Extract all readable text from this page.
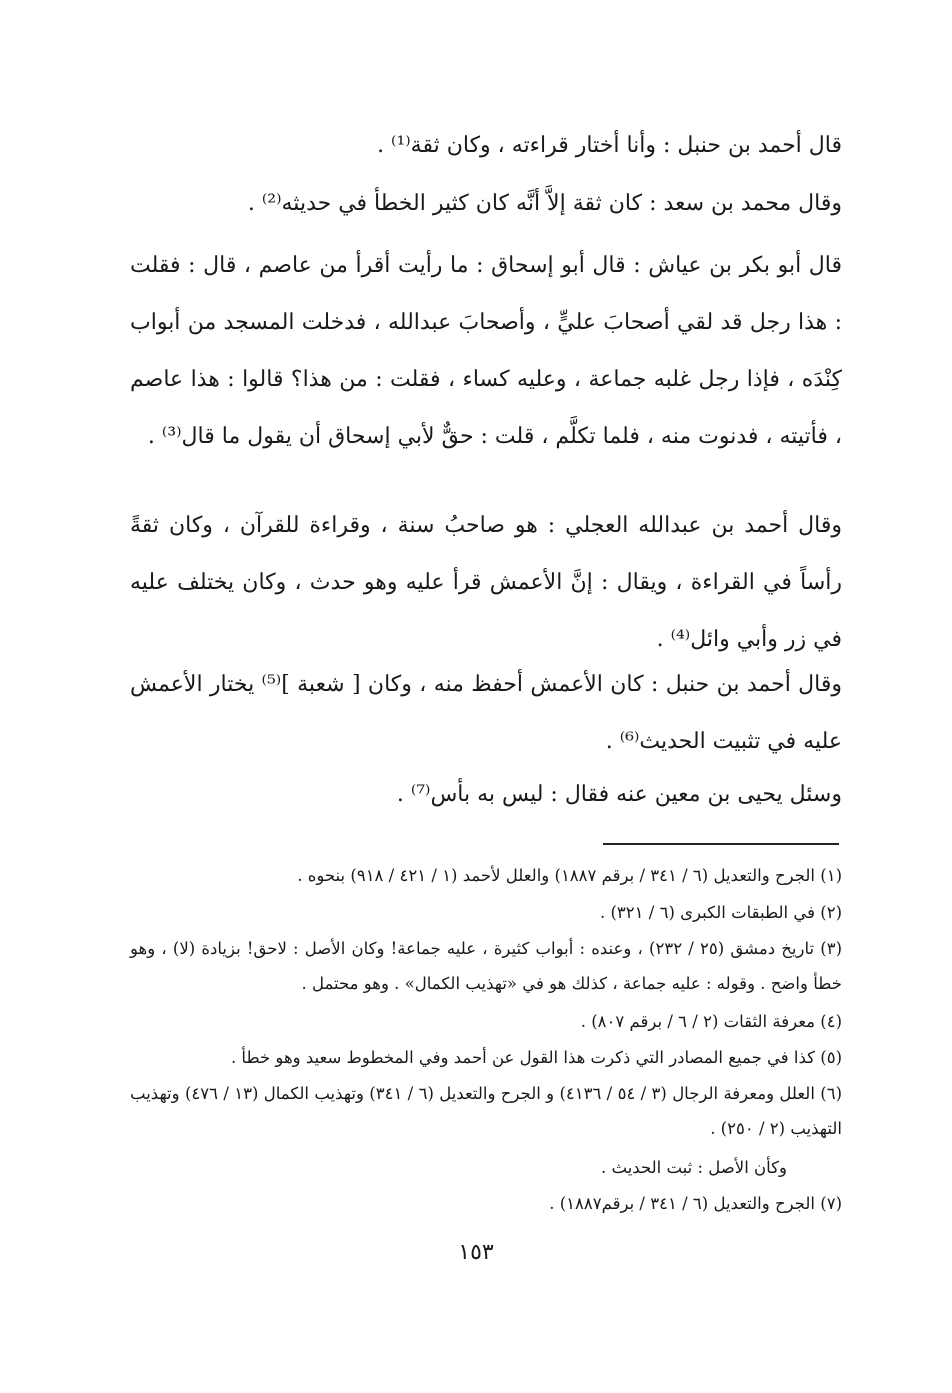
قال أحمد بن حنبل : وأنا أختار قراءته ، وكان ثقة⁽¹⁾ .

وقال محمد بن سعد : كان ثقة إلاَّ أنَّه كان كثير الخطأ في حديثه⁽²⁾ .

قال أبو بكر بن عياش : قال أبو إسحاق : ما رأيت أقرأ من عاصم ، قال : فقلت : هذا رجل قد لقي أصحابَ عليٍّ ، وأصحابَ عبدالله ، فدخلت المسجد من أبواب كِنْدَه ، فإذا رجل غلبه جماعة ، وعليه كساء ، فقلت : من هذا؟ قالوا : هذا عاصم ، فأتيته ، فدنوت منه ، فلما تكلَّم ، قلت : حقٌّ لأبي إسحاق أن يقول ما قال⁽³⁾ .

وقال أحمد بن عبدالله العجلي : هو صاحبُ سنة ، وقراءة للقرآن ، وكان ثقةً رأساً في القراءة ، ويقال : إنَّ الأعمش قرأ عليه وهو حدث ، وكان يختلف عليه في زر وأبي وائل⁽⁴⁾ .

وقال أحمد بن حنبل : كان الأعمش أحفظ منه ، وكان [ شعبة ]⁽⁵⁾ يختار الأعمش عليه في تثبيت الحديث⁽⁶⁾ .

وسئل يحيى بن معين عنه فقال : ليس به بأس⁽⁷⁾ .

(١) الجرح والتعديل (٦ / ٣٤١ / برقم ١٨٨٧) والعلل لأحمد (١ / ٤٢١ / ٩١٨) بنحوه .

(٢) في الطبقات الكبرى (٦ / ٣٢١) .

(٣) تاريخ دمشق (٢٥ / ٢٣٢) ، وعنده : أبواب كثيرة ، عليه جماعة! وكان الأصل : لاحق! بزيادة (لا) ، وهو خطأ واضح . وقوله : عليه جماعة ، كذلك هو في «تهذيب الكمال» . وهو محتمل .

(٤) معرفة الثقات (٢ / ٦ / برقم ٨٠٧) .

(٥) كذا في جميع المصادر التي ذكرت هذا القول عن أحمد وفي المخطوط سعيد وهو خطأ .

(٦) العلل ومعرفة الرجال (٣ / ٥٤ / ٤١٣٦) و الجرح والتعديل (٦ / ٣٤١) وتهذيب الكمال (١٣ / ٤٧٦) وتهذيب التهذيب (٢ / ٢٥٠) .

وكأن الأصل : ثبت الحديث .

(٧) الجرح والتعديل (٦ / ٣٤١ / برقم١٨٨٧) .

١٥٣
